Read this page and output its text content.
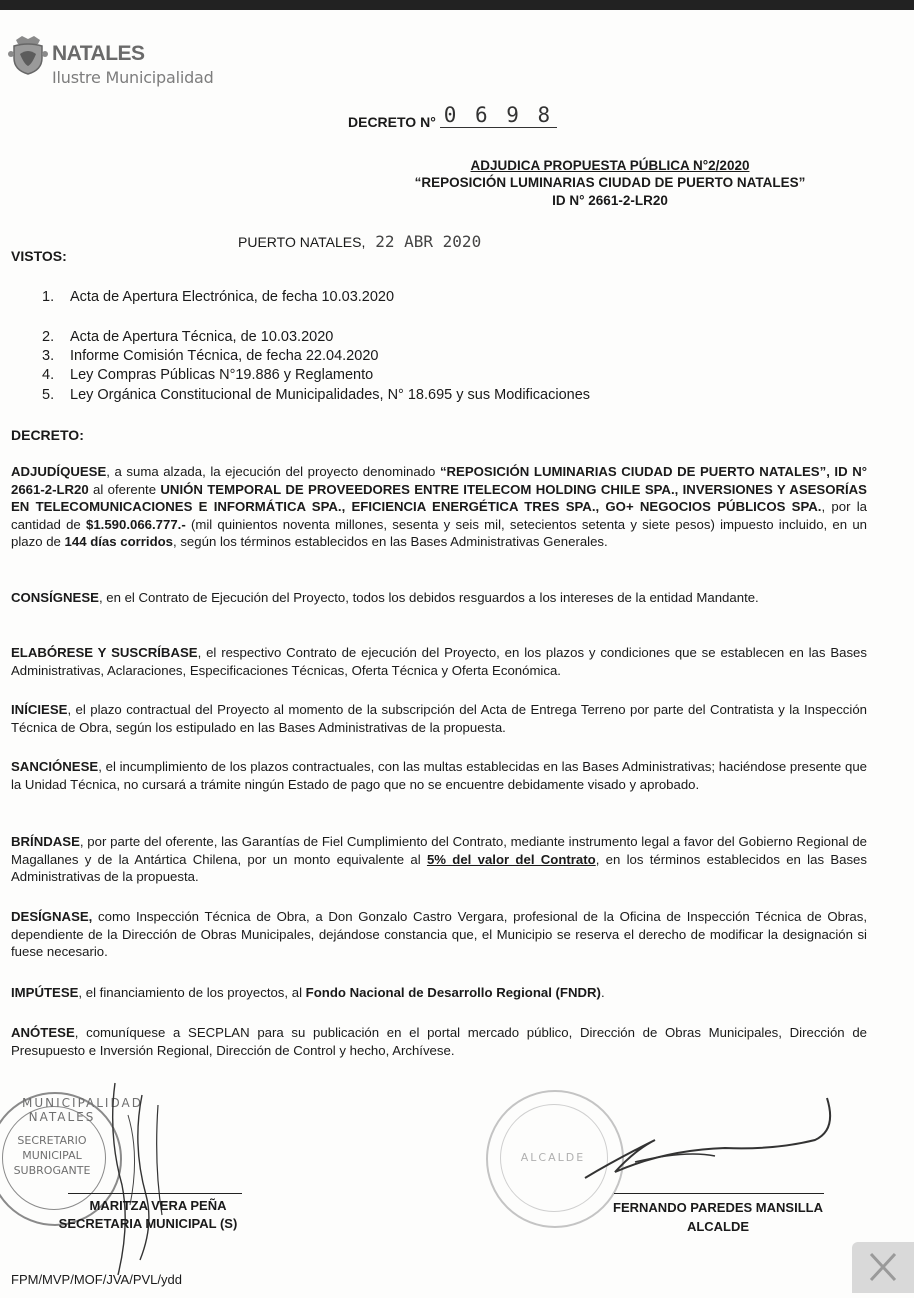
NATALES
Ilustre Municipalidad
DECRETO N° 0 6 9 8
ADJUDICA PROPUESTA PÚBLICA N°2/2020
“REPOSICIÓN LUMINARIAS CIUDAD DE PUERTO NATALES”
ID N° 2661-2-LR20
PUERTO NATALES, 22 ABR 2020
VISTOS:
1. Acta de Apertura Electrónica, de fecha 10.03.2020
2. Acta de Apertura Técnica, de 10.03.2020
3. Informe Comisión Técnica, de fecha 22.04.2020
4. Ley Compras Públicas N°19.886 y Reglamento
5. Ley Orgánica Constitucional de Municipalidades, N° 18.695 y sus Modificaciones
DECRETO:
ADJUDÍQUESE, a suma alzada, la ejecución del proyecto denominado “REPOSICIÓN LUMINARIAS CIUDAD DE PUERTO NATALES”, ID N° 2661-2-LR20 al oferente UNIÓN TEMPORAL DE PROVEEDORES ENTRE ITELECOM HOLDING CHILE SPA., INVERSIONES Y ASESORÍAS EN TELECOMUNICACIONES E INFORMÁTICA SPA., EFICIENCIA ENERGÉTICA TRES SPA., GO+ NEGOCIOS PÚBLICOS SPA., por la cantidad de $1.590.066.777.- (mil quinientos noventa millones, sesenta y seis mil, setecientos setenta y siete pesos) impuesto incluido, en un plazo de 144 días corridos, según los términos establecidos en las Bases Administrativas Generales.
CONSÍGNESE, en el Contrato de Ejecución del Proyecto, todos los debidos resguardos a los intereses de la entidad Mandante.
ELABÓRESE Y SUSCRÍBASE, el respectivo Contrato de ejecución del Proyecto, en los plazos y condiciones que se establecen en las Bases Administrativas, Aclaraciones, Especificaciones Técnicas, Oferta Técnica y Oferta Económica.
INÍCIESE, el plazo contractual del Proyecto al momento de la subscripción del Acta de Entrega Terreno por parte del Contratista y la Inspección Técnica de Obra, según los estipulado en las Bases Administrativas de la propuesta.
SANCIÓNESE, el incumplimiento de los plazos contractuales, con las multas establecidas en las Bases Administrativas; haciéndose presente que la Unidad Técnica, no cursará a trámite ningún Estado de pago que no se encuentre debidamente visado y aprobado.
BRÍNDASE, por parte del oferente, las Garantías de Fiel Cumplimiento del Contrato, mediante instrumento legal a favor del Gobierno Regional de Magallanes y de la Antártica Chilena, por un monto equivalente al 5% del valor del Contrato, en los términos establecidos en las Bases Administrativas de la propuesta.
DESÍGNASE, como Inspección Técnica de Obra, a Don Gonzalo Castro Vergara, profesional de la Oficina de Inspección Técnica de Obras, dependiente de la Dirección de Obras Municipales, dejándose constancia que, el Municipio se reserva el derecho de modificar la designación si fuese necesario.
IMPÚTESE, el financiamiento de los proyectos, al Fondo Nacional de Desarrollo Regional (FNDR).
ANÓTESE, comuníquese a SECPLAN para su publicación en el portal mercado público, Dirección de Obras Municipales, Dirección de Presupuesto e Inversión Regional, Dirección de Control y hecho, Archívese.
MUNICIPALIDAD NATALES
SECRETARIO
MUNICIPAL
SUBROGANTE
MARITZA VERA PEÑA
SECRETARIA MUNICIPAL (S)
ALCALDE
FERNANDO PAREDES MANSILLA
ALCALDE
FPM/MVP/MOF/JVA/PVL/ydd
